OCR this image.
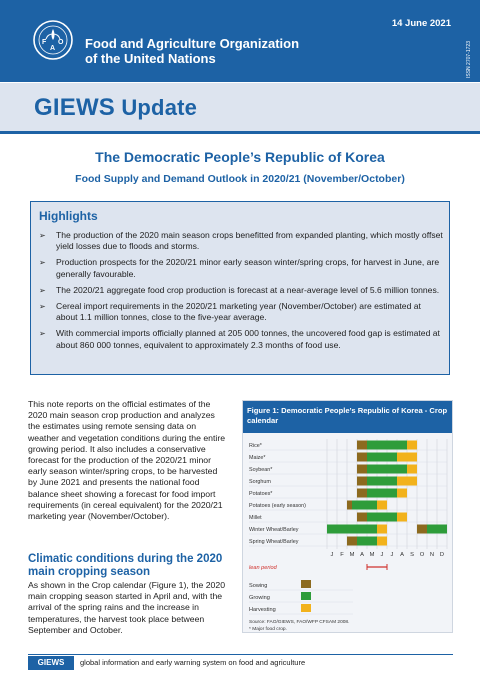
F
A
O Food and Agriculture Organization
of the United Nations
14 June 2021
ISSN 2707-1723
GIEWS Update
The Democratic People’s Republic of Korea
Food Supply and Demand Outlook in 2020/21 (November/October)
Highlights
➢ The production of the 2020 main season crops benefitted from expanded planting, which mostly offset yield losses due to floods and storms.
➢ Production prospects for the 2020/21 minor early season winter/spring crops, for harvest in June, are generally favourable.
➢ The 2020/21 aggregate food crop production is forecast at a near-average level of 5.6 million tonnes.
➢ Cereal import requirements in the 2020/21 marketing year (November/October) are estimated at about 1.1 million tonnes, close to the five-year average.
➢ With commercial imports officially planned at 205 000 tonnes, the uncovered food gap is estimated at about 860 000 tonnes, equivalent to approximately 2.3 months of food use.
This note reports on the official estimates of the 2020 main season crop production and analyzes the estimates using remote sensing data on weather and vegetation conditions during the entire growing period. It also includes a conservative forecast for the production of the 2020/21 minor early season winter/spring crops, to be harvested by June 2021 and presents the national food balance sheet showing a forecast for food import requirements (in cereal equivalent) for the 2020/21 marketing year (November/October).
Climatic conditions during the 2020 main cropping season
As shown in the Crop calendar (Figure 1), the 2020 main cropping season started in April and, with the arrival of the spring rains and the increase in temperatures, the harvest took place between September and October.
Figure 1: Democratic People’s Republic of Korea - Crop calendar
Rice*
Maize*
Soybean*
Sorghum
Potatoes*
Potatoes (early season)
Millet
Winter Wheat/Barley
Spring Wheat/Barley
J F M A M J J A S O N D
lean period
Sowing
Growing
Harvesting
Source: FAO/GIEWS, FAO/WFP CFSAM 2008.
* Major food crop.
GIEWS	global information and early warning system on food and agriculture
